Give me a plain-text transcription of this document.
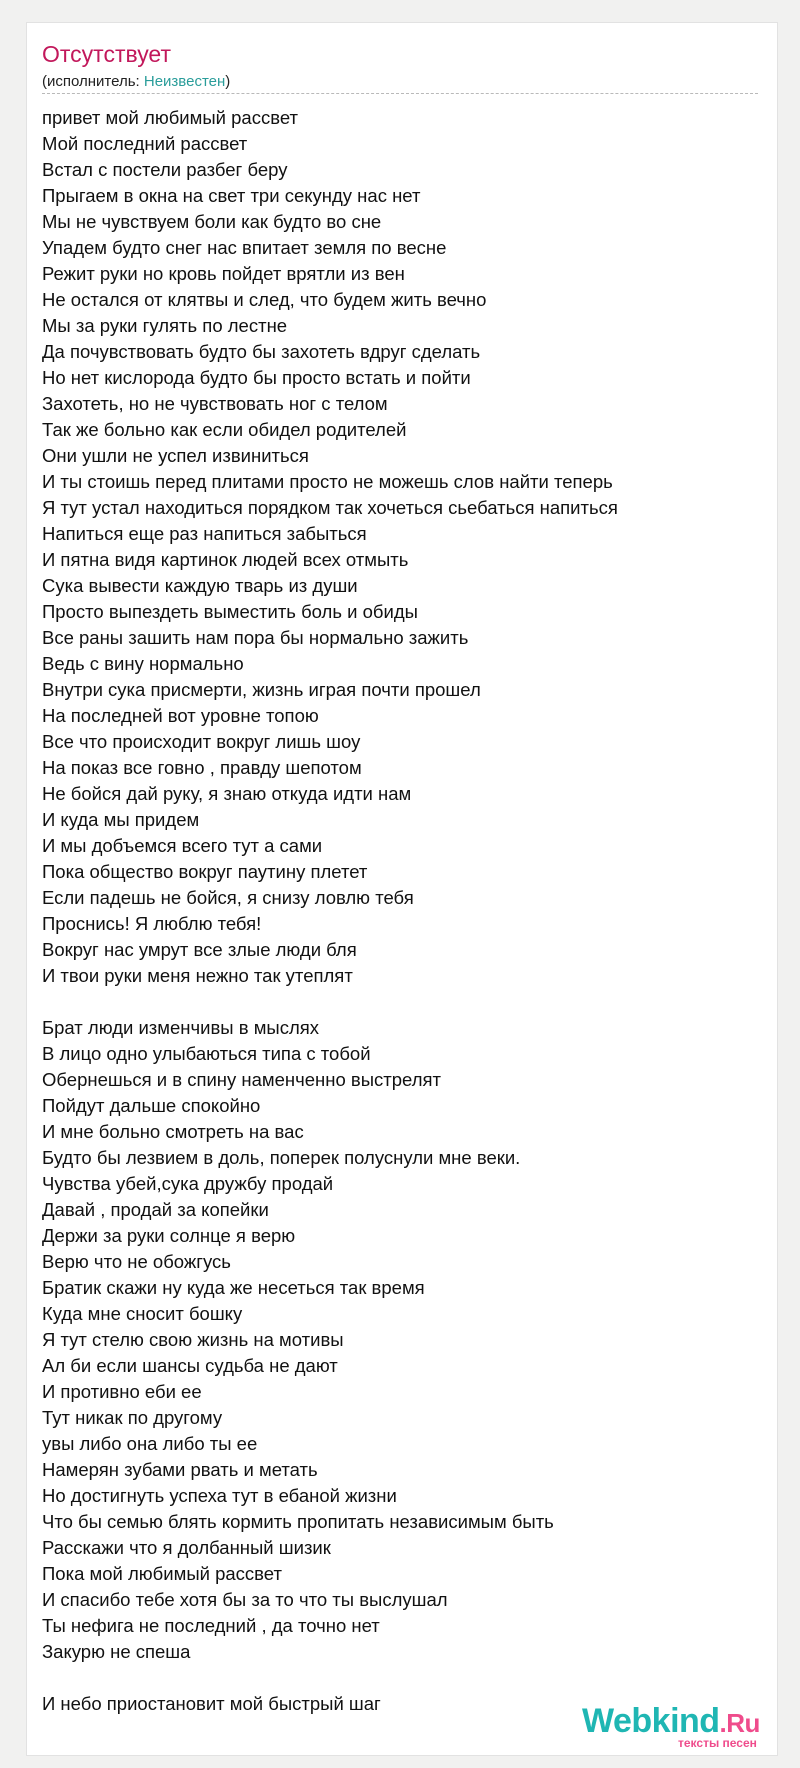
Отсутствует
(исполнитель: Неизвестен)
привет мой любимый рассвет
Мой последний рассвет
Встал с постели разбег беру
Прыгаем в окна на свет три секунду нас нет
Мы не чувствуем боли как будто во сне
Упадем будто снег нас впитает земля по весне
Режит руки но кровь пойдет врятли из вен
Не остался от клятвы и след, что будем жить вечно
Мы за руки гулять по лестне
Да почувствовать будто бы захотеть вдруг сделать
Но нет кислорода будто бы просто встать и пойти
Захотеть, но не чувствовать ног с телом
Так же больно как если обидел родителей
Они ушли не успел извиниться
И ты стоишь перед плитами просто не можешь слов найти теперь
Я тут устал находиться порядком так хочеться сьебаться напиться
Напиться еще раз напиться забыться
И пятна видя картинок людей всех отмыть
Сука вывести каждую тварь из души
Просто выпездеть выместить боль и обиды
Все раны зашить нам пора бы нормально зажить
Ведь с вину нормально
Внутри сука присмерти, жизнь играя почти прошел
На последней вот уровне топою
Все что происходит вокруг лишь шоу
На показ все говно , правду шепотом
Не бойся дай руку, я знаю откуда идти нам
И куда мы придем
И мы добъемся всего тут а сами
Пока общество вокруг паутину плетет
Если падешь не бойся, я снизу ловлю тебя
Проснись! Я люблю тебя!
Вокруг нас умрут все злые люди бля
И твои руки меня нежно так утеплят
Брат люди изменчивы в мыслях
В лицо одно улыбаються типа с тобой
Обернешься и в спину наменченно выстрелят
Пойдут дальше спокойно
И мне больно смотреть на вас
Будто бы лезвием в доль, поперек полуснули мне веки.
Чувства убей,сука дружбу продай
Давай , продай за копейки
Держи за руки солнце я верю
Верю что не обожгусь
Братик скажи ну куда же несеться так время
Куда мне сносит бошку
Я тут стелю свою жизнь на мотивы
Ал би если шансы судьба не дают
И противно еби ее
Тут никак по другому
увы либо она либо ты ее
Намерян зубами рвать и метать
Но достигнуть успеха тут в ебаной жизни
Что бы семью блять кормить пропитать независимым быть
Расскажи что я долбанный шизик
Пока мой любимый рассвет
И спасибо тебе хотя бы за то что ты выслушал
Ты нефига не последний , да точно нет
Закурю не спеша
И небо приостановит мой быстрый шаг	Webkind.Ru
тексты песен
